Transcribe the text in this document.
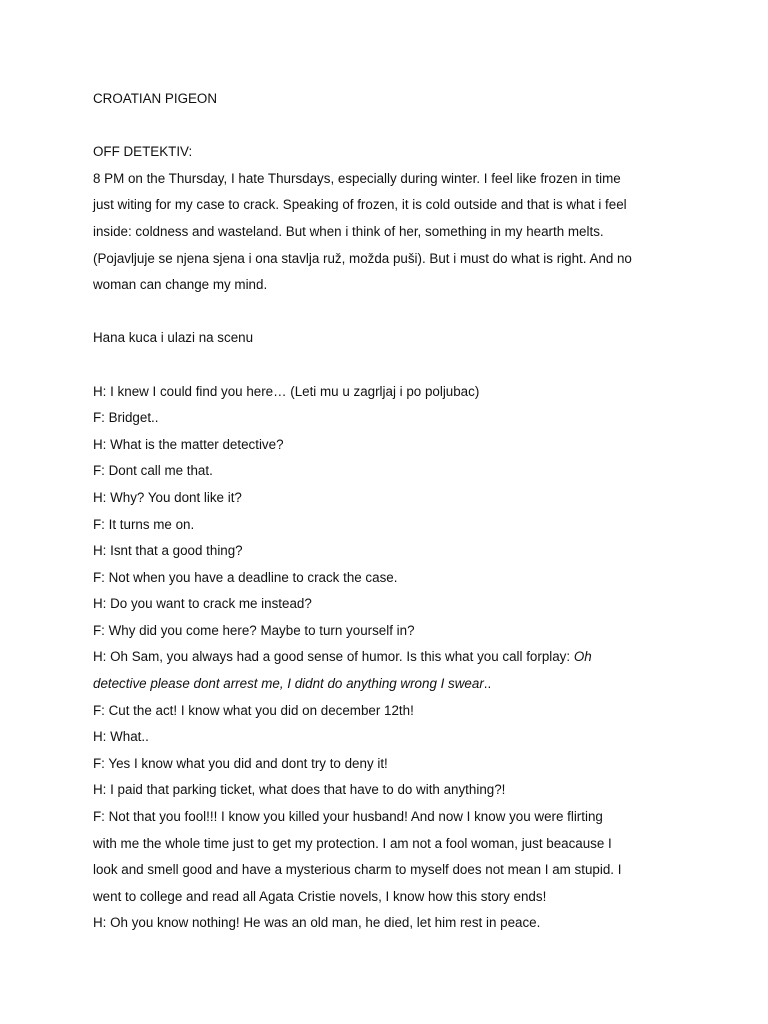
CROATIAN PIGEON
OFF DETEKTIV:
8 PM on the Thursday, I hate Thursdays, especially during winter. I feel like frozen in time
just witing for my case to crack. Speaking of frozen, it is cold outside and that is what i feel
inside: coldness and wasteland. But when i think of her, something in my hearth melts.
(Pojavljuje se njena sjena i ona stavlja ruž, možda puši). But i must do what is right. And no
woman can change my mind.
Hana kuca i ulazi na scenu
H: I knew I could find you here… (Leti mu u zagrljaj i po poljubac)
F: Bridget..
H: What is the matter detective?
F: Dont call me that.
H: Why? You dont like it?
F: It turns me on.
H: Isnt that a good thing?
F: Not when you have a deadline to crack the case.
H: Do you want to crack me instead?
F: Why did you come here? Maybe to turn yourself in?
H: Oh Sam, you always had a good sense of humor. Is this what you call forplay: Oh
detective please dont arrest me, I didnt do anything wrong I swear..
F: Cut the act! I know what you did on december 12th!
H: What..
F: Yes I know what you did and dont try to deny it!
H: I paid that parking ticket, what does that have to do with anything?!
F: Not that you fool!!! I know you killed your husband! And now I know you were flirting
with me the whole time just to get my protection. I am not a fool woman, just beacause I
look and smell good and have a mysterious charm to myself does not mean I am stupid. I
went to college and read all Agata Cristie novels, I know how this story ends!
H: Oh you know nothing! He was an old man, he died, let him rest in peace.
